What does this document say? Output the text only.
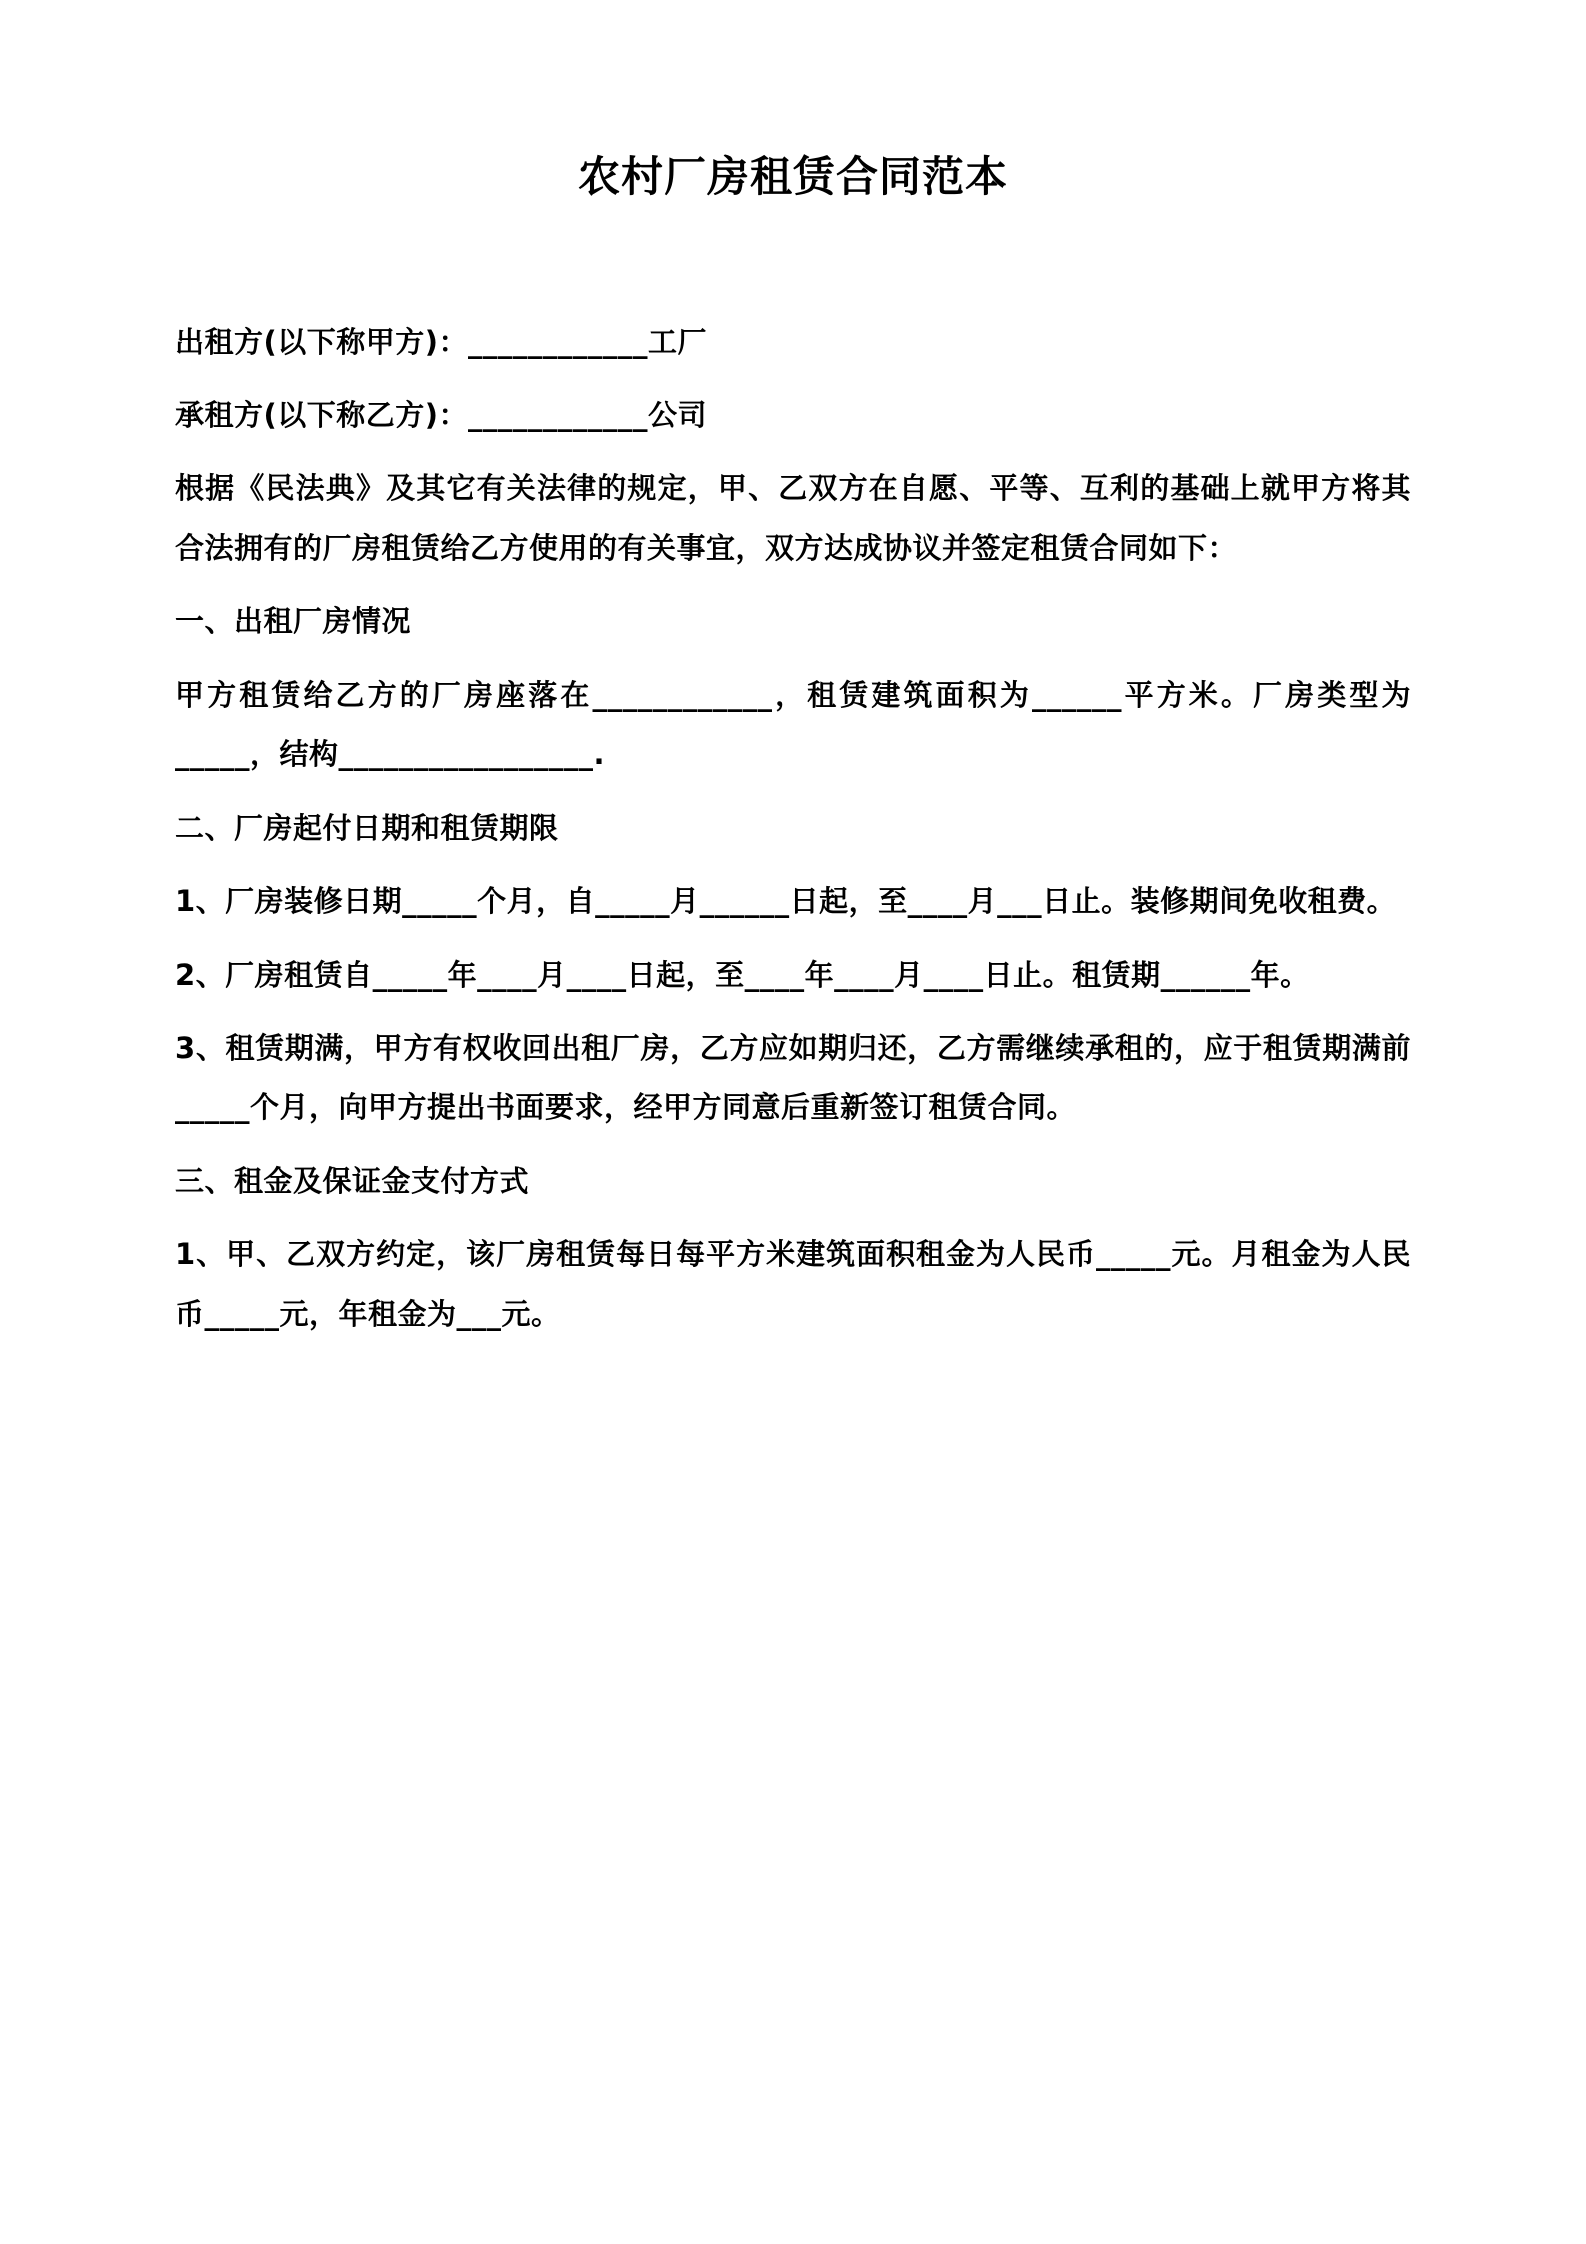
农村厂房租赁合同范本

出租方(以下称甲方)：____________工厂

承租方(以下称乙方)：____________公司

根据《民法典》及其它有关法律的规定，甲、乙双方在自愿、平等、互利的基础上就甲方将其合法拥有的厂房租赁给乙方使用的有关事宜，双方达成协议并签定租赁合同如下：

一、出租厂房情况

甲方租赁给乙方的厂房座落在____________，租赁建筑面积为______平方米。厂房类型为_____，结构_________________.

二、厂房起付日期和租赁期限

1、厂房装修日期_____个月，自_____月______日起，至____月___日止。装修期间免收租费。

2、厂房租赁自_____年____月____日起，至____年____月____日止。租赁期______年。

3、租赁期满，甲方有权收回出租厂房，乙方应如期归还，乙方需继续承租的，应于租赁期满前_____个月，向甲方提出书面要求，经甲方同意后重新签订租赁合同。

三、租金及保证金支付方式

1、甲、乙双方约定，该厂房租赁每日每平方米建筑面积租金为人民币_____元。月租金为人民币_____元，年租金为___元。
